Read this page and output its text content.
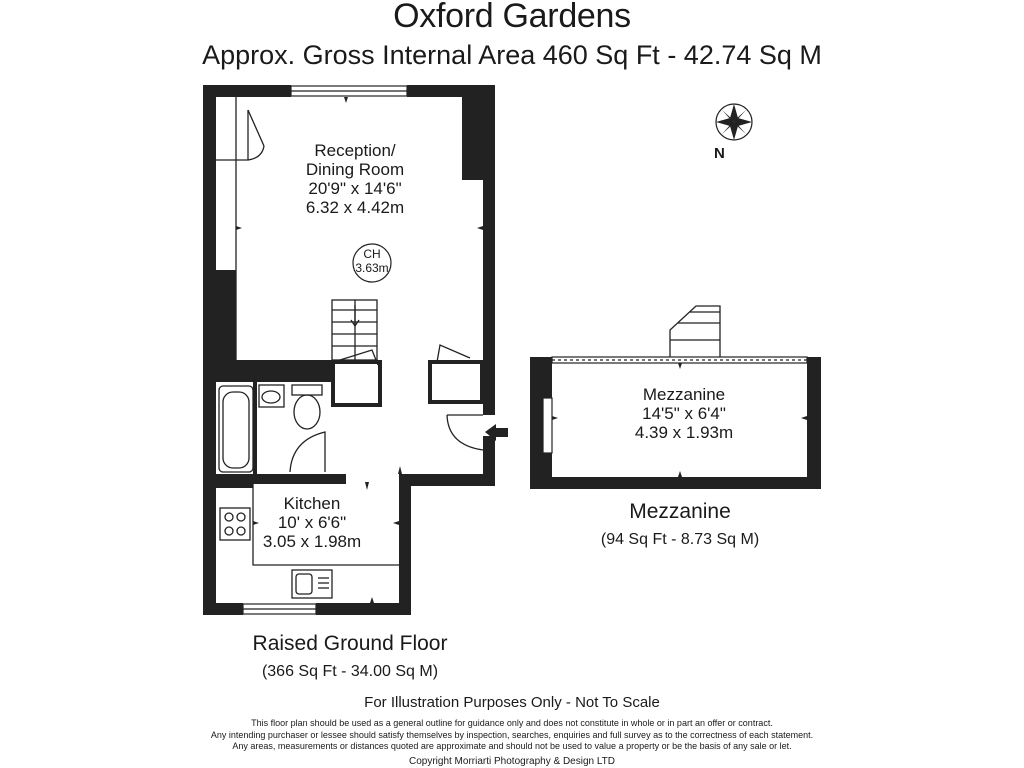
Oxford Gardens
Approx. Gross Internal Area 460 Sq Ft - 42.74 Sq M
N
Reception/
Dining Room
20'9" x 14'6"
6.32 x 4.42m
CH
3.63m
Kitchen
10' x 6'6"
3.05 x 1.98m
Mezzanine
14'5" x 6'4"
4.39 x 1.93m
Raised Ground Floor
(366 Sq Ft - 34.00 Sq M)
Mezzanine
(94 Sq Ft - 8.73 Sq M)
For Illustration Purposes Only - Not To Scale
This floor plan should be used as a general outline for guidance only and does not constitute in whole or in part an offer or contract.
Any intending purchaser or lessee should satisfy themselves by inspection, searches, enquiries and full survey as to the correctness of each statement.
Any areas, measurements or distances quoted are approximate and should not be used to value a property or be the basis of any sale or let.
Copyright Morriarti Photography & Design LTD
